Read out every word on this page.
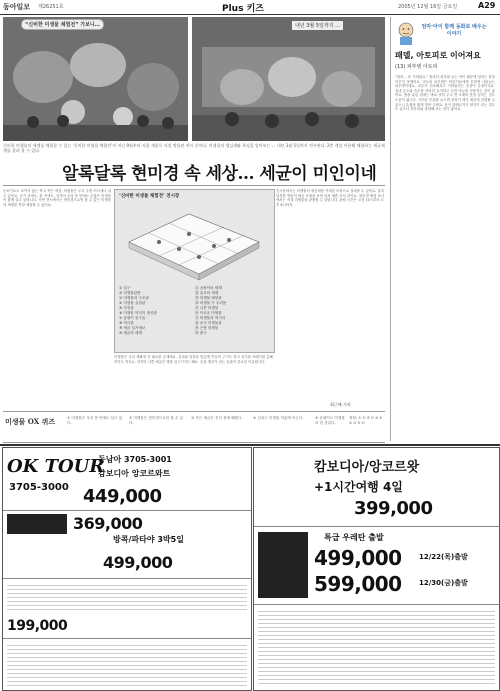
동아일보 제26251호	Plus 키즈	2005년 12월 16일 금요일	A29
“신비한 미생물 체험전” 가보니…	내년 3월 5일까지 ...
신비한 미생물의 세계를 체험할 수 있는 ‘신비한 미생물 체험전’이 지난 9월부터 서울 세종로 사설 박물관 전시 중이다. 미생물의 생김새와 특성을 알아보는 ... 내년 3월 5일까지 전시된다. 2층 개설 이용해 체험하는 세균세계를 살펴 볼 수 있다.
알록달록 현미경 속 세상… 세균이 미인이네
돋보기로도 보이지 않는 작고 작은 세상. 미생물은 우리 주변 어디에나 살고 있어요. 공기 중에도, 흙 속에도, 심지어 우리 몸 안에도 수많은 미생물이 함께 살고 있답니다. 이번 전시에서는 현미경으로만 볼 수 있는 미생물의 세계를 직접 체험할 수 있어요.
전시장에서는 미생물의 생김새를 거대한 모형으로 살펴볼 수 있어요. 알록달록한 색깔의 세균 모형을 보면 마치 예쁜 보석 같아요. 현미경 체험 코너에서는 직접 미생물을 관찰할 수 있답니다. 관람 시간은 오전 10시부터 오후 6시까지.
‘신비한 미생물 체험전’ 전시장
① 입구
② 미생물관람
③ 미생물의 구조관
④ 미생물 실험관
⑤ 사진관
⑥ 미생물 이미지 영상관
⑦ 곰팡이 친구들
⑧ 역사관
⑨ 세균 일기예보
⑩ 세균의 세계
⑪ 곰팡이의 세계
⑫ 효모의 세계
⑬ 미생물 배양관
⑭ 미생물 속 우리몸
⑮ 나쁜 미생물
⑯ 이로운 미생물
⑰ 미생물과 먹거리
⑱ 음식 미생물관
⑲ 곤충 미생물
⑳ 출구
미생물은 우리 생활에 꼭 필요한 존재예요. 김치와 된장을 맛있게 만들어 주기도 하고 음식물 쓰레기를 분해하기도 하지요. 하지만 나쁜 세균은 병을 일으키기도 해요. 손을 깨끗이 씻는 습관이 중요한 이유랍니다.
최근에 기자
미생물 OX 퀴즈	① 미생물은 우리 몸 안에도 살고 있다.
② 미생물은 현미경으로만 볼 수 있다.
③ 모든 세균은 우리 몸에 해롭다.	④ 김치는 미생물 덕분에 익는다.	⑤ 곰팡이도 미생물의 한 종류다.
정답: ① O ② O ③ X ④ O ⑤ O
엄마·아이 함께 동화로 배우는 이야기
패델, 아토피로 이어져요
(13) 피부병 아토피
“엄마… 또 가려워요.” 밤마다 피부를 긁는 아이 때문에 엄마는 잠을 이루지 못했어요. 아토피 피부염은 어린이들에게 흔하게 나타나는 피부병이에요. 피부가 건조해지고 가려워지는 증상이 특징이지요. 실내 온도와 습도를 적당히 유지하고 순한 비누를 사용하는 것이 좋아요. 땀을 흘린 뒤에는 바로 씻어 주고 면 소재의 옷을 입히는 것도 도움이 됩니다. 가려운 부위를 긁으면 상처가 생겨 세균에 감염될 수 있으니 손톱을 짧게 깎아 주세요. 음식 알레르기가 원인이 되는 경우도 있으니 전문의와 상담해 보는 것이 좋아요.
OK TOUR
3705-3000
동남아 3705-3001
캄보디아 앙코르와트
449,000
369,000
방콕/파타야 3박5일
499,000
199,000
캄보디아/앙코르왓
+1시간여행 4일
399,000
특급 우레탄 출발
499,000 12/22(목)출발
599,000 12/30(금)출발
